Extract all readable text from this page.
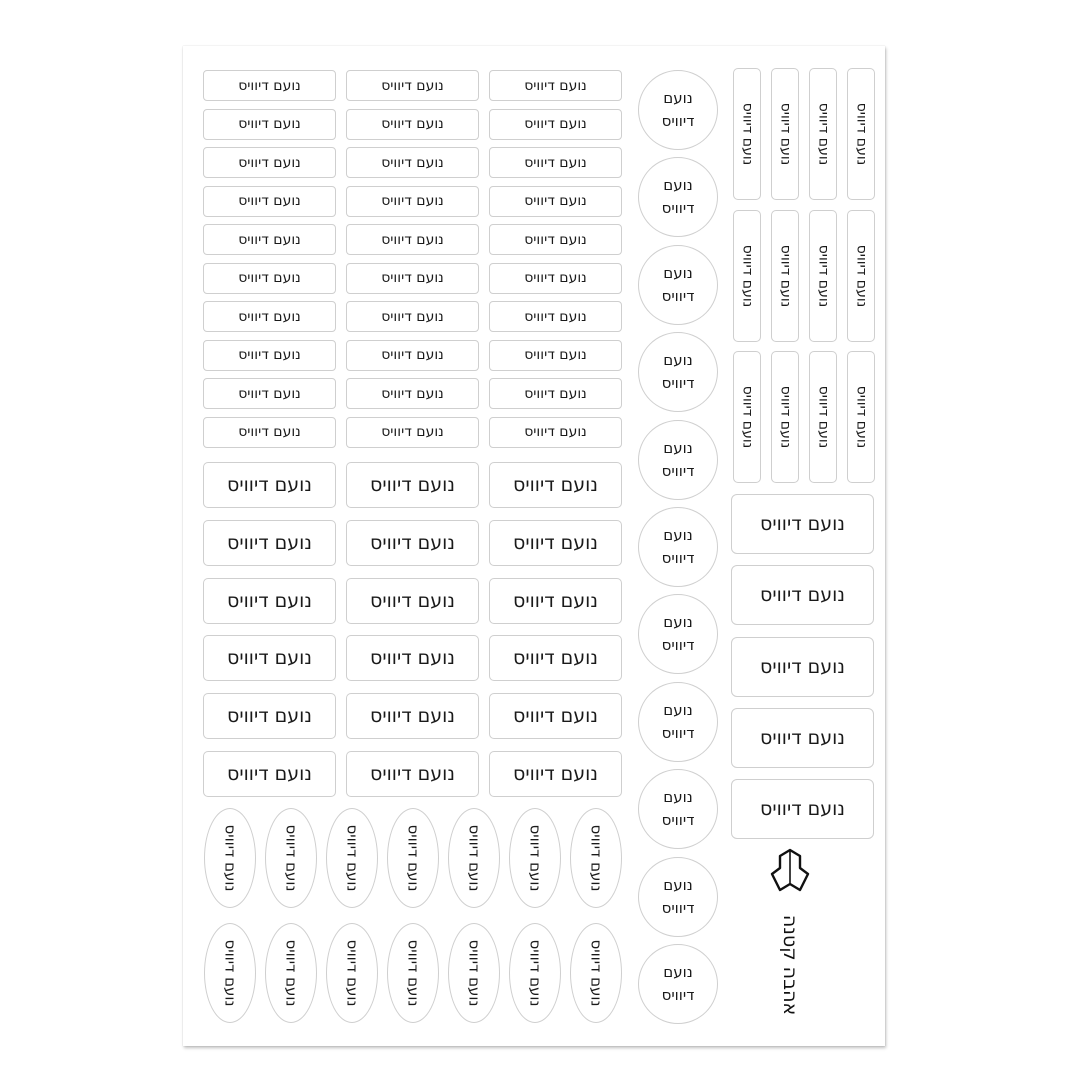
נועם דיוויס	נועם דיוויס	נועם דיוויס
נועם דיוויס	נועם דיוויס	נועם דיוויס
נועם דיוויס	נועם דיוויס	נועם דיוויס
נועם דיוויס	נועם דיוויס	נועם דיוויס
נועם דיוויס	נועם דיוויס	נועם דיוויס
נועם דיוויס	נועם דיוויס	נועם דיוויס
נועם דיוויס	נועם דיוויס	נועם דיוויס
נועם דיוויס	נועם דיוויס	נועם דיוויס
נועם דיוויס	נועם דיוויס	נועם דיוויס
נועם דיוויס	נועם דיוויס	נועם דיוויס
נועם דיוויס	נועם דיוויס	נועם דיוויס
נועם דיוויס	נועם דיוויס	נועם דיוויס
נועם דיוויס	נועם דיוויס	נועם דיוויס
נועם דיוויס	נועם דיוויס	נועם דיוויס
נועם דיוויס	נועם דיוויס	נועם דיוויס
נועם דיוויס	נועם דיוויס	נועם דיוויס
נועם
דיוויס
נועם
דיוויס
נועם
דיוויס
נועם
דיוויס
נועם
דיוויס
נועם
דיוויס
נועם
דיוויס
נועם
דיוויס
נועם
דיוויס
נועם
דיוויס
נועם
דיוויס
נועם דיוויס נועם דיוויס נועם דיוויס נועם דיוויס
נועם דיוויס נועם דיוויס נועם דיוויס נועם דיוויס
נועם דיוויס נועם דיוויס נועם דיוויס נועם דיוויס
נועם דיוויס
נועם דיוויס
נועם דיוויס
נועם דיוויס
נועם דיוויס
נועם דיוויס	נועם דיוויס	נועם דיוויס	נועם דיוויס	נועם דיוויס	נועם דיוויס	נועם דיוויס
נועם דיוויס	נועם דיוויס	נועם דיוויס	נועם דיוויס	נועם דיוויס	נועם דיוויס	נועם דיוויס	אהבה קטנה
